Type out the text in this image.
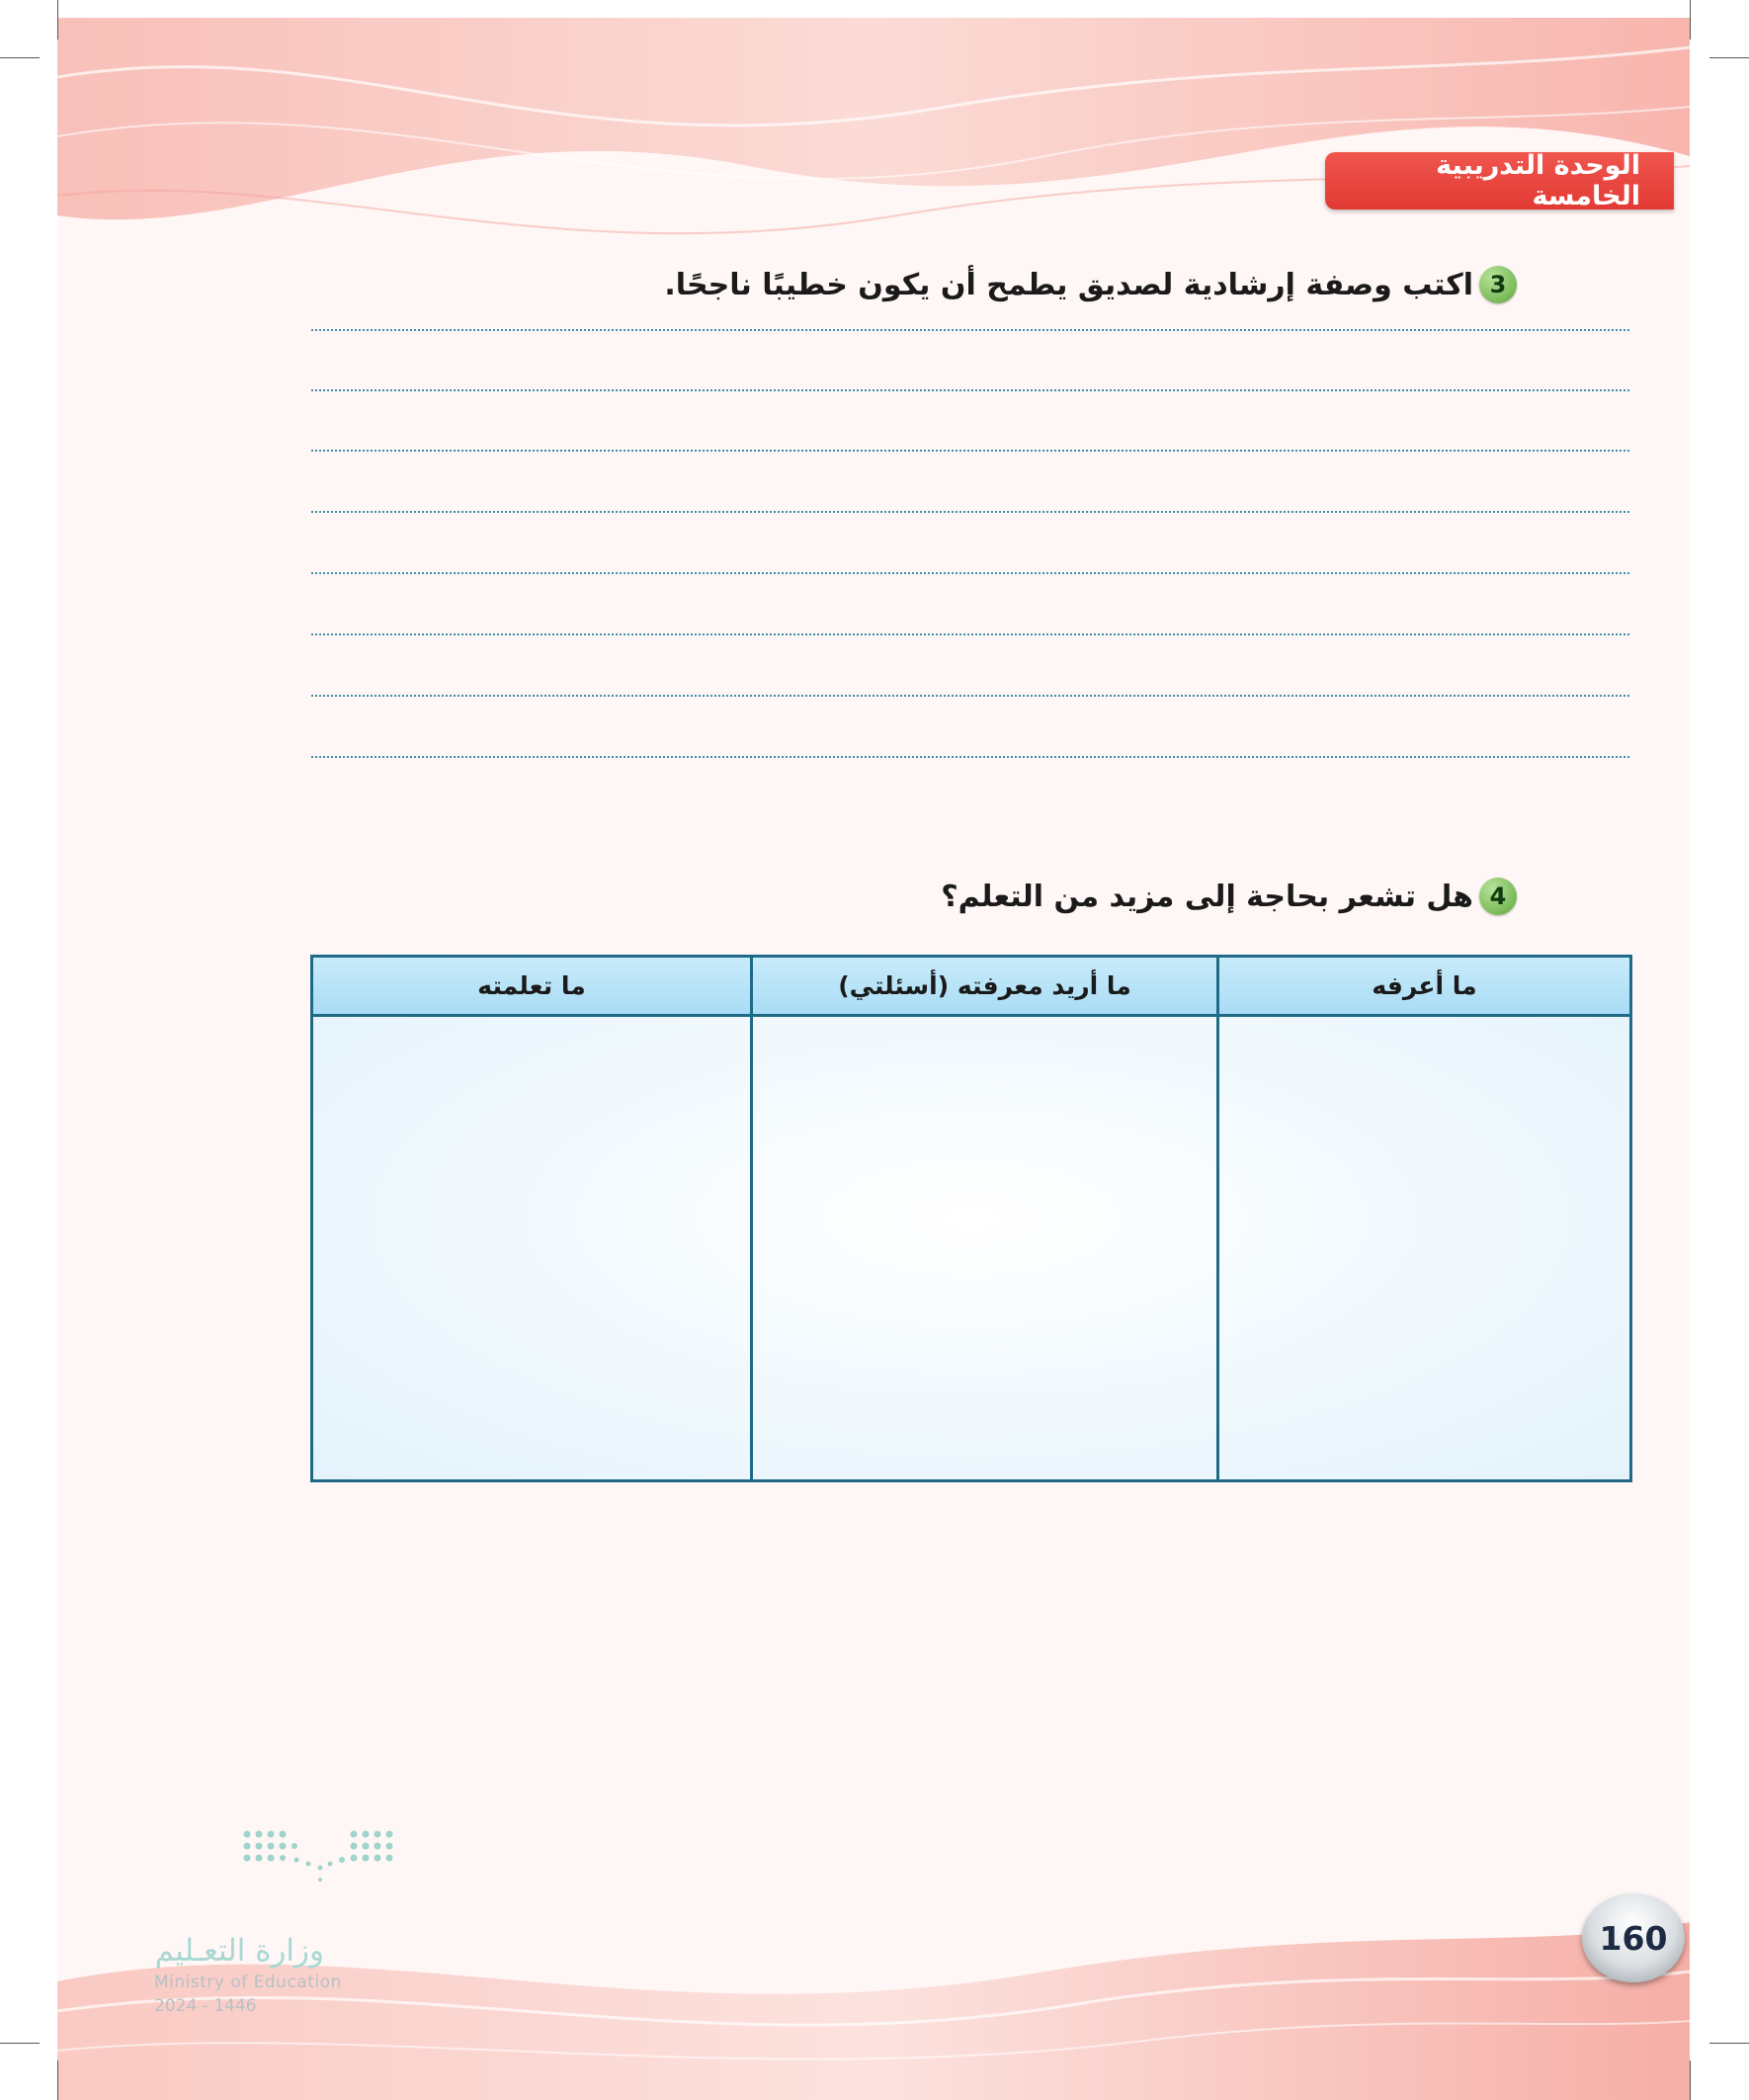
الوحدة التدريبية الخامسة
3
اكتب وصفة إرشادية لصديق يطمح أن يكون خطيبًا ناجحًا.
4
هل تشعر بحاجة إلى مزيد من التعلم؟
ما أعرفه
ما أريد معرفته (أسئلتي)
ما تعلمته
160
وزارة التعـليم
Ministry of Education
2024 - 1446
